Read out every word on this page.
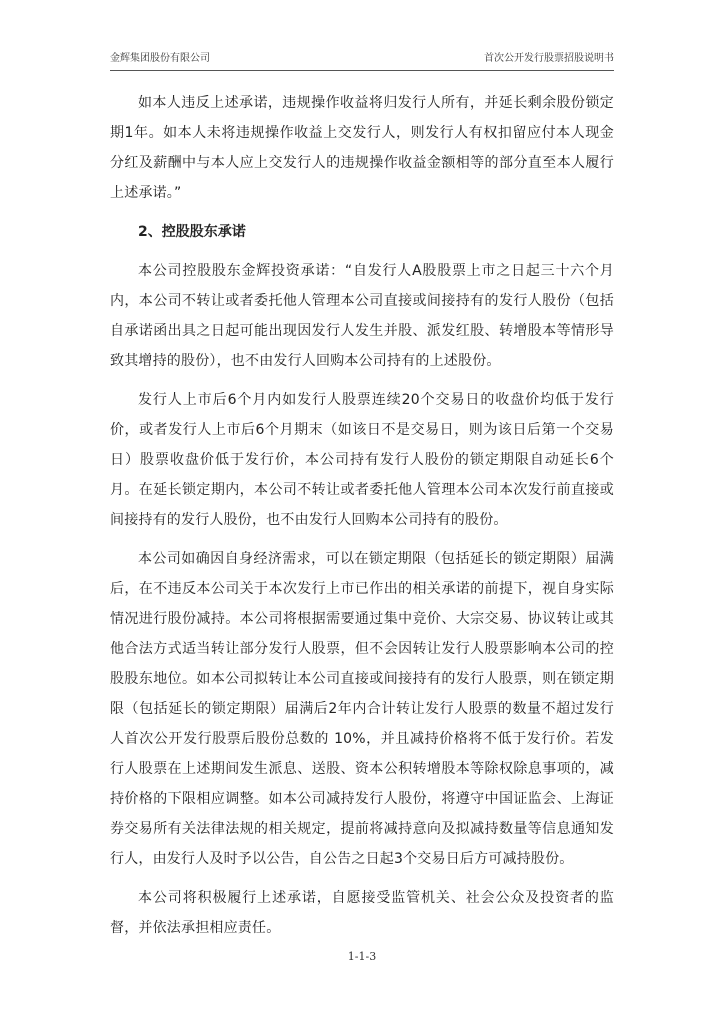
金辉集团股份有限公司	首次公开发行股票招股说明书

如本人违反上述承诺，违规操作收益将归发行人所有，并延长剩余股份锁定期1年。如本人未将违规操作收益上交发行人，则发行人有权扣留应付本人现金分红及薪酬中与本人应上交发行人的违规操作收益金额相等的部分直至本人履行上述承诺。”

2、控股股东承诺

本公司控股股东金辉投资承诺：“自发行人A股股票上市之日起三十六个月内，本公司不转让或者委托他人管理本公司直接或间接持有的发行人股份（包括自承诺函出具之日起可能出现因发行人发生并股、派发红股、转增股本等情形导致其增持的股份），也不由发行人回购本公司持有的上述股份。

发行人上市后6个月内如发行人股票连续20个交易日的收盘价均低于发行价，或者发行人上市后6个月期末（如该日不是交易日，则为该日后第一个交易日）股票收盘价低于发行价，本公司持有发行人股份的锁定期限自动延长6个月。在延长锁定期内，本公司不转让或者委托他人管理本公司本次发行前直接或间接持有的发行人股份，也不由发行人回购本公司持有的股份。

本公司如确因自身经济需求，可以在锁定期限（包括延长的锁定期限）届满后，在不违反本公司关于本次发行上市已作出的相关承诺的前提下，视自身实际情况进行股份减持。本公司将根据需要通过集中竞价、大宗交易、协议转让或其他合法方式适当转让部分发行人股票，但不会因转让发行人股票影响本公司的控股股东地位。如本公司拟转让本公司直接或间接持有的发行人股票，则在锁定期限（包括延长的锁定期限）届满后2年内合计转让发行人股票的数量不超过发行人首次公开发行股票后股份总数的 10%，并且减持价格将不低于发行价。若发行人股票在上述期间发生派息、送股、资本公积转增股本等除权除息事项的，减持价格的下限相应调整。如本公司减持发行人股份，将遵守中国证监会、上海证券交易所有关法律法规的相关规定，提前将减持意向及拟减持数量等信息通知发行人，由发行人及时予以公告，自公告之日起3个交易日后方可减持股份。

本公司将积极履行上述承诺，自愿接受监管机关、社会公众及投资者的监督，并依法承担相应责任。

1-1-3
